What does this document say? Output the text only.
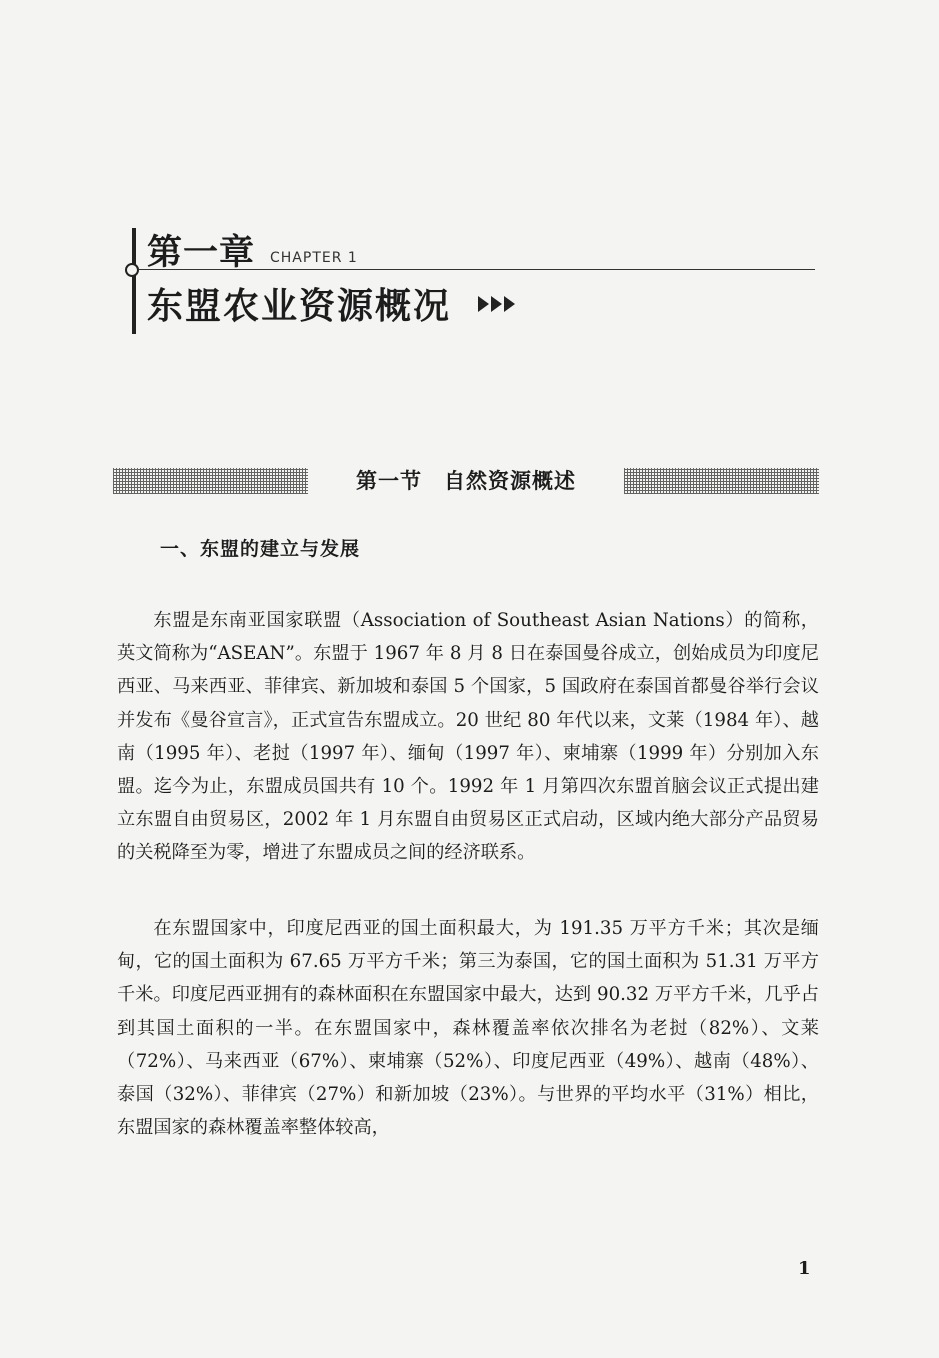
第一章 CHAPTER 1
东盟农业资源概况
第一节　自然资源概述
一、东盟的建立与发展

东盟是东南亚国家联盟（Association of Southeast Asian Nations）的简称，英文简称为“ASEAN”。东盟于 1967 年 8 月 8 日在泰国曼谷成立，创始成员为印度尼西亚、马来西亚、菲律宾、新加坡和泰国 5 个国家，5 国政府在泰国首都曼谷举行会议并发布《曼谷宣言》，正式宣告东盟成立。20 世纪 80 年代以来，文莱（1984 年）、越南（1995 年）、老挝（1997 年）、缅甸（1997 年）、柬埔寨（1999 年）分别加入东盟。迄今为止，东盟成员国共有 10 个。1992 年 1 月第四次东盟首脑会议正式提出建立东盟自由贸易区，2002 年 1 月东盟自由贸易区正式启动，区域内绝大部分产品贸易的关税降至为零，增进了东盟成员之间的经济联系。

在东盟国家中，印度尼西亚的国土面积最大，为 191.35 万平方千米；其次是缅甸，它的国土面积为 67.65 万平方千米；第三为泰国，它的国土面积为 51.31 万平方千米。印度尼西亚拥有的森林面积在东盟国家中最大，达到 90.32 万平方千米，几乎占到其国土面积的一半。在东盟国家中，森林覆盖率依次排名为老挝（82%）、文莱（72%）、马来西亚（67%）、柬埔寨（52%）、印度尼西亚（49%）、越南（48%）、泰国（32%）、菲律宾（27%）和新加坡（23%）。与世界的平均水平（31%）相比，东盟国家的森林覆盖率整体较高，

1
